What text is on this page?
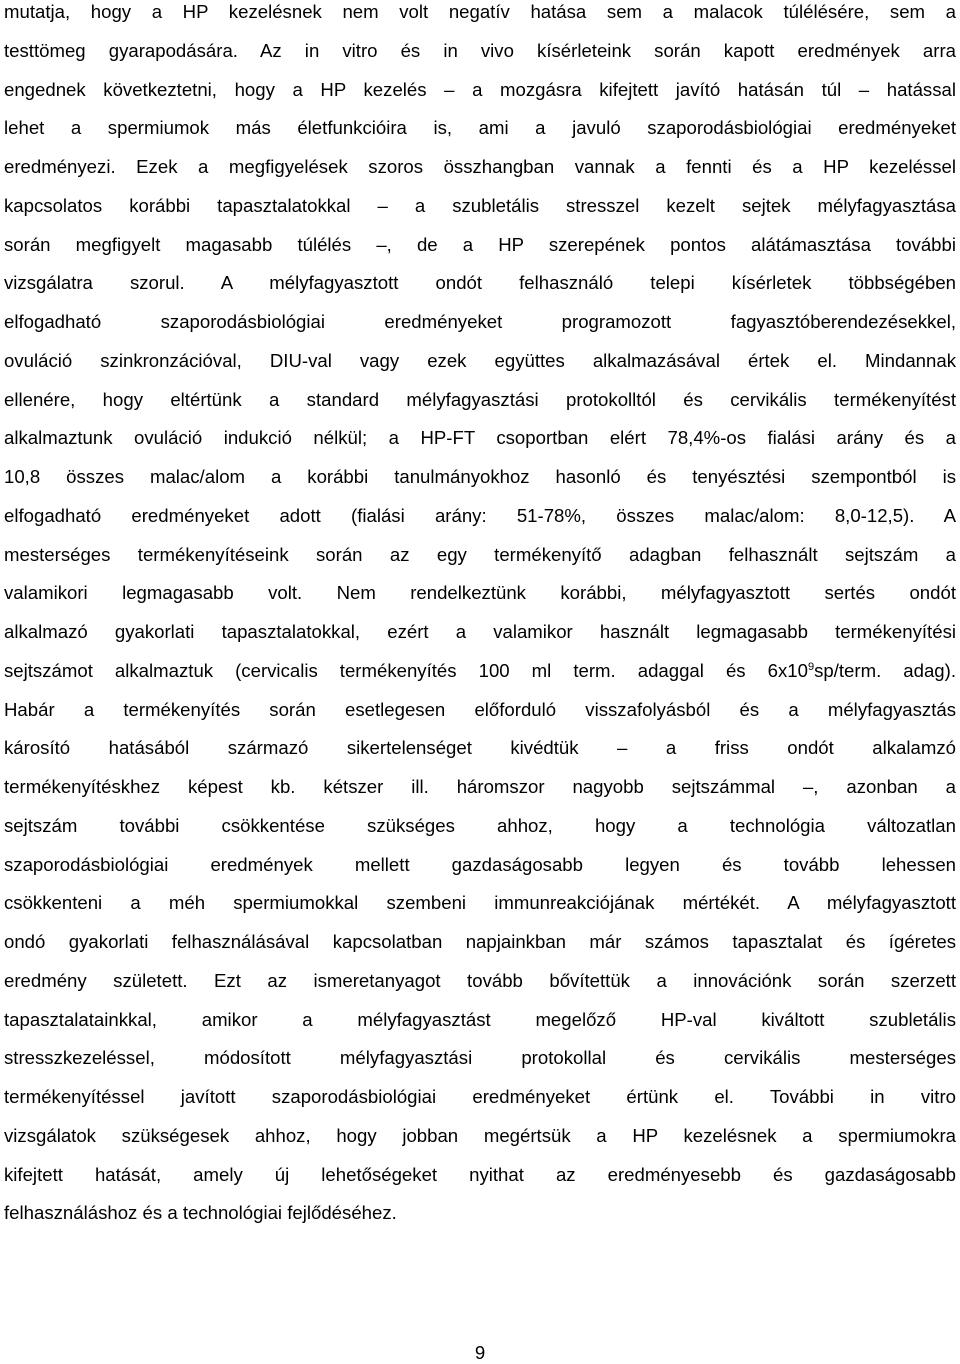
mutatja, hogy a HP kezelésnek nem volt negatív hatása sem a malacok túlélésére, sem a
testtömeg gyarapodására. Az in vitro és in vivo kísérleteink során kapott eredmények arra
engednek következtetni, hogy a HP kezelés – a mozgásra kifejtett javító hatásán túl – hatással
lehet a spermiumok más életfunkcióira is, ami a javuló szaporodásbiológiai eredményeket
eredményezi. Ezek a megfigyelések szoros összhangban vannak a fennti és a HP kezeléssel
kapcsolatos korábbi tapasztalatokkal – a szubletális stresszel kezelt sejtek mélyfagyasztása
során megfigyelt magasabb túlélés –, de a HP szerepének pontos alátámasztása további
vizsgálatra szorul. A mélyfagyasztott ondót felhasználó telepi kísérletek többségében
elfogadható szaporodásbiológiai eredményeket programozott fagyasztóberendezésekkel,
ovuláció szinkronzációval, DIU-val vagy ezek együttes alkalmazásával értek el. Mindannak
ellenére, hogy eltértünk a standard mélyfagyasztási protokolltól és cervikális termékenyítést
alkalmaztunk ovuláció indukció nélkül; a HP-FT csoportban elért 78,4%-os fialási arány és a
10,8 összes malac/alom a korábbi tanulmányokhoz hasonló és tenyésztési szempontból is
elfogadható eredményeket adott (fialási arány: 51-78%, összes malac/alom: 8,0-12,5). A
mesterséges termékenyítéseink során az egy termékenyítő adagban felhasznált sejtszám a
valamikori legmagasabb volt. Nem rendelkeztünk korábbi, mélyfagyasztott sertés ondót
alkalmazó gyakorlati tapasztalatokkal, ezért a valamikor használt legmagasabb termékenyítési
sejtszámot alkalmaztuk (cervicalis termékenyítés 100 ml term. adaggal és $6x10^9sp$/term. adag).
Habár a termékenyítés során esetlegesen előforduló visszafolyásból és a mélyfagyasztás
károsító hatásából származó sikertelenséget kivédtük – a friss ondót alkalamzó
termékenyítéskhez képest kb. kétszer ill. háromszor nagyobb sejtszámmal –, azonban a
sejtszám további csökkentése szükséges ahhoz, hogy a technológia változatlan
szaporodásbiológiai eredmények mellett gazdaságosabb legyen és tovább lehessen
csökkenteni a méh spermiumokkal szembeni immunreakciójának mértékét. A mélyfagyasztott
ondó gyakorlati felhasználásával kapcsolatban napjainkban már számos tapasztalat és ígéretes
eredmény született. Ezt az ismeretanyagot tovább bővítettük a innovációnk során szerzett
tapasztalatainkkal, amikor a mélyfagyasztást megelőző HP-val kiváltott szubletális
stresszkezeléssel, módosított mélyfagyasztási protokollal és cervikális mesterséges
termékenyítéssel javított szaporodásbiológiai eredményeket értünk el. További in vitro
vizsgálatok szükségesek ahhoz, hogy jobban megértsük a HP kezelésnek a spermiumokra
kifejtett hatását, amely új lehetőségeket nyithat az eredményesebb és gazdaságosabb
felhasználáshoz és a technológiai fejlődéséhez.
9
